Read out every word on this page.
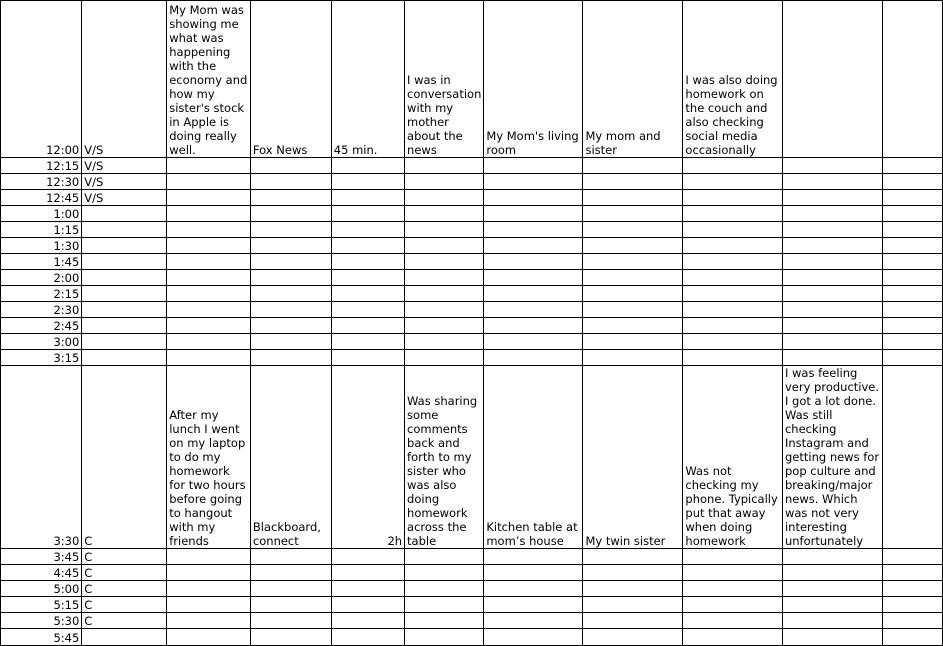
12:00	V/S	My Mom was showing me what was happening with the economy and how my sister's stock in Apple is doing really well.	Fox News	45 min.	I was in conversation with my mother about the news	My Mom's living room	My mom and sister	I was also doing homework on the couch and also checking social media occasionally		
12:15	V/S									
12:30	V/S									
12:45	V/S									
1:00										
1:15										
1:30										
1:45										
2:00										
2:15										
2:30										
2:45										
3:00										
3:15										
3:30	C	After my lunch I went on my laptop to do my homework for two hours before going to hangout with my friends	Blackboard, connect	2h	Was sharing some comments back and forth to my sister who was also doing homework across the table	Kitchen table at mom’s house	My twin sister	Was not checking my phone. Typically put that away when doing homework	I was feeling very productive. I got a lot done. Was still checking Instagram and getting news for pop culture and breaking/major news. Which was not very interesting unfortunately	
3:45	C									
4:45	C									
5:00	C									
5:15	C									
5:30	C									
5:45										
